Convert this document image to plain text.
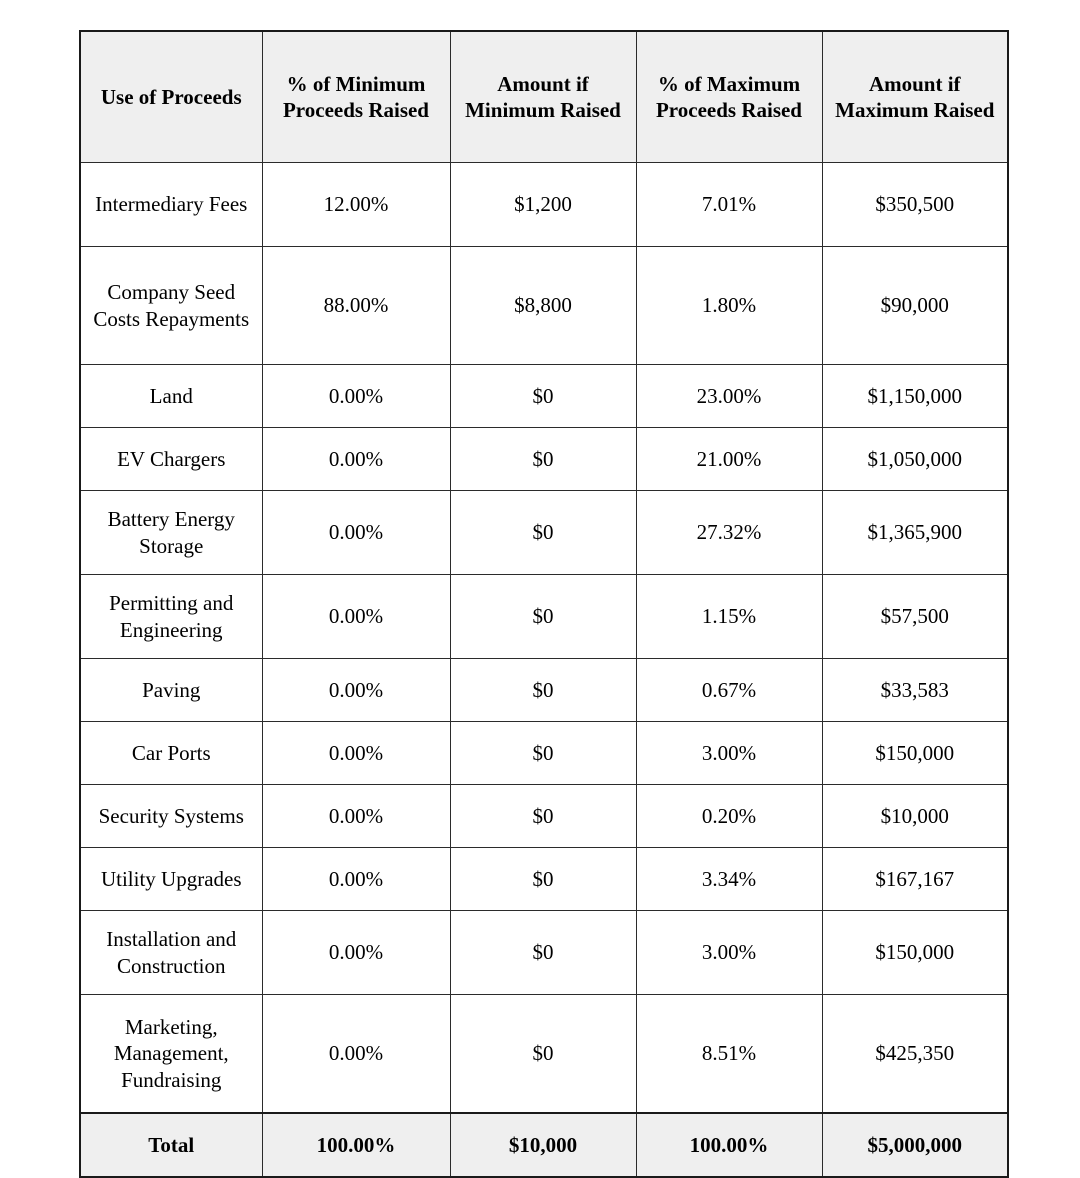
Use of Proceeds	% of Minimum Proceeds Raised	Amount if Minimum Raised	% of Maximum Proceeds Raised	Amount if Maximum Raised

Intermediary Fees	12.00%	$1,200	7.01%	$350,500
Company Seed Costs Repayments	88.00%	$8,800	1.80%	$90,000
Land	0.00%	$0	23.00%	$1,150,000
EV Chargers	0.00%	$0	21.00%	$1,050,000
Battery Energy Storage	0.00%	$0	27.32%	$1,365,900
Permitting and Engineering	0.00%	$0	1.15%	$57,500
Paving	0.00%	$0	0.67%	$33,583
Car Ports	0.00%	$0	3.00%	$150,000
Security Systems	0.00%	$0	0.20%	$10,000
Utility Upgrades	0.00%	$0	3.34%	$167,167
Installation and Construction	0.00%	$0	3.00%	$150,000
Marketing, Management, Fundraising	0.00%	$0	8.51%	$425,350
Total	100.00%	$10,000	100.00%	$5,000,000
